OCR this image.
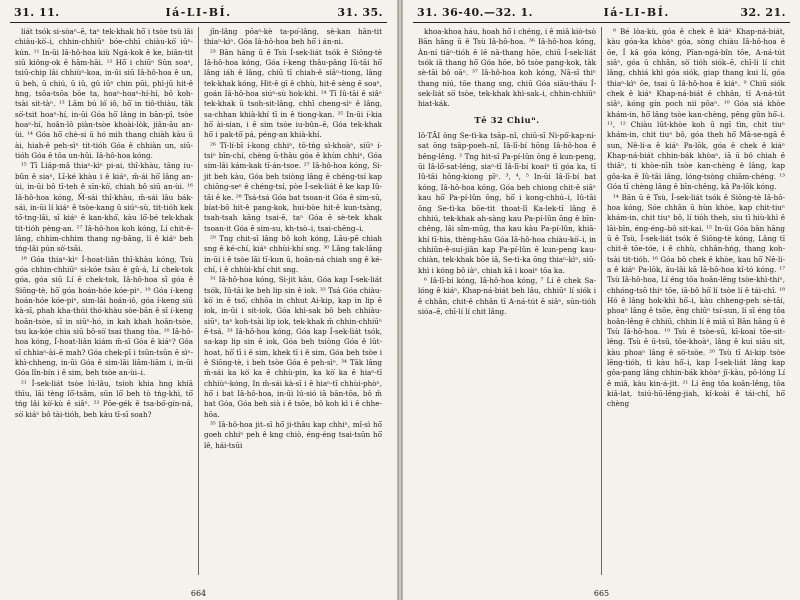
31. 11.	Iá-LI-BÍ.	31. 35.

liát tsók si-sòaⁿ–ē, taⁿ tek-khak hō͘ i tsòe tsù lâi chiàu-kò͘–i, chhin-chhiūⁿ bóe-chhī chiàu-kò͘ iūⁿ-kún. ¹¹ In-ūi Iâ-hô-hoa kiù Ngá-kok ê ke, biān-tit siū kiông-ok ê hām-hāi. ¹² Hō͘ i chiūⁿ Sûn soaⁿ, tsiū-chip lâi chhiùⁿ-koa, in-ūi siū Iâ-hô-hoa ê un, ū beh, ū chiú, ū iû, gû iūⁿ chin pūi, phì-jū hit-ê hng, tsōa-tsōa bōe ta, hoaⁿ-hoaⁿ-hí-hí, bô koh-tsài sit-tàⁿ. ¹³ Lâm bú ló͘ iô, hō͘ in tiô-thiàu, tāk sò͘-tsit hoaⁿ-hí, in-ūi Góa hō͘ lâng in bān-pî, tsòe hoaⁿ-hí, hoân-lô piàn-tsòe khoài-lòk, jiân-āu an-ùi. ¹⁴ Góa hō͘ chè-si ū hó mih thang chiàh kàu ū ài, hiah-ê peh-sìⁿ tit-tióh Góa ê chhiàn un, siū-tióh Góa ê tōa un-hūi. Iâ-hô-hoa kóng.

¹⁵ Tī Liâp-mâ thiaⁿ-kìⁿ pi-ai, thî-khàu, tāng iu-bûn ê siaⁿ, Lī-ké khàu i ê kiáⁿ, m̄-ái hō͘ lâng an-ùi, in-ūi bô tī-teh ê sīn-kò͘, chiah bô siū an-ùi. ¹⁶ Iâ-hô-hoa kóng, M̄-sái thî-khàu, m̄-sái lâu bák-sái, in-ūi lí kiáⁿ ê tsòe-kang ū siúⁿ-sù, tit-tióh kek tō͘-tng-lâi, sī kiáⁿ ē kan-khó͘, kàu lō͘-bé tek-khak tit-tióh pèng-an. ¹⁷ Iâ-hô-hoa koh kóng, Lí chit-ê-lâng, chhim-chhim thang ng-bāng, lí ê kiáⁿ beh tńg-lâi pún sò͘-tsāi.

¹⁸ Góa thiaⁿ-kìⁿ Í-hoat-liân thî-khàu kóng, Tsù góa chhin-chhiūⁿ si-kóe tsàu ê gû-á, Lí chek-tok góa, góa siū Lí ê chek-tok, Iâ-hô-hoa sī góa ê Siōng-tè, hō͘ góa hoán-hóe kóe-piⁿ. ¹⁹ Góa í-keng hoán-hóe kóe-piⁿ, sim-lāi hoán-iô, góa í-keng siū kà-sī, phah kha-thúi thó-khàu sòe-bān ê sī í-keng hoân-tsòe, sī in siūⁿ-hó, in kah khah hoân-tsòe, tsu ka-kóe chia siū bô-sò͘ tsai thang tòa. ²⁰ Iâ-hô-hoa kóng, Í-hoat-liân kiám m̄-sī Góa ê kiáⁿ? Góa sī chhiaⁿ-ài–ē mah? Góa chek-pī i tsūn-tsūn ē sìⁿ-khì-chheng, in-ūi Góa ê sim-lāi liām-liām i, in-ūi Góa lîn-bín i ê sim, beh tsòe an-ùi–i.

²¹ Í-sek-liát tsòe lú-lâu, tsioh khia hng khiā thīu, lāi tèng lō͘-tsâm, sūn lō͘ beh tò tńg-khì, tō͘ tńg lâi kò͘-kù ê siâⁿ. ²² Pōe-gék ê tsa-bó͘-gín-ná, sò͘ kiáⁿ bô tài-tióh, beh kàu tī-sī soah?

jîn-lâng pōaⁿ-kè ta-po͘-lâng, sè-kan hān-tit thiaⁿ-kìⁿ. Góa Iâ-hô-hoa beh hō͘ i án-ni.

²³ Bān hāng ū ê Tsù Í-sek-liát tsók ê Siōng-tè Iâ-hô-hoa kóng, Góa í-keng thâu-pâng Iû-tāi hō͘ lâng iáh ê lâng, chiū tī chiah-ê siâⁿ-tiong, lâng tek-khak kóng, Hit-ê gī ê chhù, hit-ê sèng ê soaⁿ, goán Iâ-hô-hoa siúⁿ-sù hok-khì. ²⁴ Tī Iû-tāi ê siâⁿ tek-khak ū tsoh-sit-lâng, chhī cheng-sìⁿ ê lâng, sa-chhan khià-khí tī in ê tiong-kan. ²⁵ In-ūi í-kia hō͘ ài-sian, i ê sim tsòe iu-bûn–ē, Góa tek-khak hō͘ i pak-tō͘ pá, péng-an khià-khí.

²⁶ Tī-lí-bī í-kong chhiⁿ, tō-tńg sì-khoàⁿ, siūⁿ í-tsiⁿ bīn-chí, chèng ū-thâu góa ê khùn chhiⁿ, Góa sim-lāi kám-kak tī-án-tsoe. ²⁷ Iâ-hô-hoa kóng, Si-jit beh kàu, Góa beh tsiòng lâng ê chéng-tsí kap chiōng-seⁿ ê chéng-tsí, pòe Í-sek-liát ê ke kap Iû-tāi ê ke. ²⁸ Tsá-tsá Góa bat tsoan-it Góa ê sim-sū, bíat-bô hit-ê pang-kok, hui-bòe hit-ê kun-tsàng, tsah-tsah kāng tsai-ē, taⁿ Góa ē sè-tek khak tsoan-it Góa ê sim-su, kh-tsò–i, tsai-chēng–i.

²⁹ Tng chit-sī lâng bô koh kóng, Lāu-pē chiah sng ê ké-chí, kiáⁿ chhùi-khí sng. ³⁰ Lâng tak-lâng in-ūi i ê tsòe lāi tī-kun ū, hoân-ná chiah sng ê ké-chí, i ê chhùi-khí chit sng.

³¹ Iâ-hô-hoa kóng, Si-jit kàu, Góa kap Í-sek-liát tsók, Iû-tāi ke beh lip sin ê iok. ³² Tsá Góa chiàu-kò͘ in ê tsó͘, chhōa in chhut Ai-kip, kap in lip ê iok, in-ūi i sit-iok, Góa khì-sak bô beh chhiàu-siūⁿ, taⁿ koh-tsài lip iok, tek-khak m̄ chhin-chhiūⁿ ē-tsá. ³³ Iâ-hô-hoa kóng, Góa kap Í-sek-liát tsók, sa-kap lip sin ê iok, Góa beh tsiòng Góa ê lūt-hoat, hō͘ tī i ê sim, khek tī i ê sim, Góa beh tsòe i ê Siōng-tè, i beh tsòe Góa ê peh-sìⁿ. ³⁴ Tāk lâng m̄-sái ka kò͘ ka ê chhù-pin, ka kò͘ ka ê hiaⁿ-tī chhiùⁿ-kóng, In m̄-sái kà-sī i ê hiaⁿ-tī chhùi-phòⁿ, hō͘ i bat Iâ-hô-hoa, in-ūi lú-sió iā bān-tōa, bô m̄ bat Góa, Góa beh sià i ê tsōe, bô koh kì i ê chhe-hōa.

³⁵ Iâ-hô-hoa jit–sī hō͘ ji-thâu kap chhiⁿ, mî-sì hō͘ goeh chhiⁿ peh ê kng chiò, éng-éng tsai-tsūn hō͘ lê, hái-tsūi

664
31. 36-40.—32. 1.	Iá-LI-BÍ.	32. 21.

khoa-khoa háu, hoah hō͘ i chéng, i ê miâ kiò-tsò Bān hāng ū ê Tsù Iâ-hô-hoa. ³⁶ Iâ-hô-hoa kóng, Àn-ní tiāⁿ-tióh ê lē nā-thang hōe, chiū Í-sek-liát tsók iā thang hō͘ Góa hōe, bô tsòe pang-kok, tàk sè-tāi bô oāⁿ. ³⁷ Iâ-hô-hoa koh kóng, Nā-sī thiⁿ thang niú, tōe thang sng, chiū Góa siāu-tháu Í-sek-liát sò͘ tsòe, tek-khak khì-sak–i, chhin-chhiūⁿ hiat-kák.

Tē 32 Chiuⁿ.

Iô-TĀI ōng Se-tì-ka tsāp–nî, chiū-sī Ni-pô͘-kap-ní-sat ōng tsāp-poeh–nî, Iâ-lī-bí hōng Iâ-hô-hoa ê bêng-lēng. ² Tng hit-sî Pa-pí-lûn ōng ê kun-peng, ūi Iâ-lō͘-sat-léng, siaⁿ-tī Iâ-lī-bí koaiⁿ tī góa ka, tī Iû-tāi hōng-kiong pīⁿ. ³, ⁴, ⁵ In-ūi Iâ-lī-bí bat kóng, Iâ-hô-hoa kóng, Góa beh chiong chit-ê siâⁿ kau hō͘ Pa-pí-lûn ōng, hō͘ i kong-chhú–i, Iû-tāi ōng Se-tì-ka bōe-tit thoat-lī Ka-lek-tī lâng ê chhiú, tek-khak ah-sàng kau Pa-pí-lûn ōng ê bīn-chêng, lâi sîm-mūg, tha kau kàu Pa-pí-lûn, khiā-khí tī-hia, thèng-hāu Góa Iâ-hô-hoa chiàu-kò͘–i, in chhiûn-ê-suí-jiân kap Pa-pí-lûn ê kun-peng kau-chiàn, tek-khak bōe iâ, Se-tì-ka ōng thiaⁿ-kìⁿ, siū-khì i kóng bô iàⁿ, chiah kā i koaiⁿ tōa ka.

⁶ Iâ-lī-bí kóng, Iâ-hô-hoa kóng, ⁷ Lí ê chek Sa-lóng ê kiáⁿ, Khap-ná-biát beh lâu, chhiūⁿ lí siók i ê chhân, chit-ê chhân tī A-ná-tút ê siâⁿ, sūn-tióh sióa–ē, chī-lí lí chit lâng.

⁸ Bé lòa-kù, góa ê chek ê kiáⁿ Khap-ná-biát, kàu góa-ka khòaⁿ góa, sòng chiàu Iâ-hô-hoa ê ōe, Í kā góa kóng, Pîan-ngá-bîn tōe, A-ná-tút siâⁿ, góa ū chhân, sò͘ tióh siók–ē, chī-lí lí chit lâng, chhiá khì góa siók, giap thang kui lí, góa thiaⁿ-kìⁿ ōe, tsai ū Iâ-hô-hoa ê kiáⁿ. ⁹ Chiū siók chek ê kiáⁿ Khap-ná-biát ê chhân, tī A-ná-tút siâⁿ, kóng gín poch nii pōaⁿ. ¹⁰ Góa siá khòe khám-in, hō͘ lâng tsòe kan-chèng, pêng gûn hō͘–i. ¹¹, ¹² Chiàu lūt-khòe koh ū ngī tìn, chit tiuⁿ khám-in, chit tiuⁿ bô, góa theh hō͘ Mā-se-ngā ê sun, Nê-lí-a ê kiáⁿ Pa-lōk, góa ê chek ê kiáⁿ Khap-ná-biát chhin-bák khòaⁿ, iā ū bô chiah ê thiāⁿ, ti khòe-nīh tsòe kan-chèng ê lâng, kap gôa-ka ê Iû-tāi lâng, lóng-tsòng chiām-chéng. ¹³ Góa tī chèng lâng ê bīn-chêng, kā Pa-lōk kóng.

¹⁴ Bān ū ê Tsù, Í-sek-liát tsók ê Siōng-tè Iâ-hô-hoa kóng, Sóe chhān ū hùn khòe, kap chit-tiuⁿ khám-in, chit tiuⁿ bô, lí tióh theh, siu tī hiù-khì ê lāi-bīn, éng-éng–bô sit-kai. ¹⁵ In-ūi Góa bān hāng ū ê Tsù, Í-sek-liát tsók ê Siōng-tè kóng, Lâng tī chit-ê tōe-tóe, i ê chhù, chhân-hńg, thang koh-tsài tit-tióh. ¹⁶ Góa bô chek ê khòe, kau hō͘ Nê-lí-a ê kiáⁿ Pa-lōk, āu-lâi kā Iâ-hô-hoa kî-tó kóng. ¹⁷ Tsù Iâ-hô-hoa, Lí éng tōa hoân-lêng tsòe-khì-thiⁿ, chhóng-tsō thiⁿ tōe, iā-bô hō͘ lí tsòe lí ê tái-chî. ¹⁸ Hó ê lâng hok-khì hō͘–i, kàu chheng-peh sè-tāi, phoaⁿ lâng ê tsōe, ēng chiūⁿ tsí-sun, lí sī éng tōa hoân-lêng ê chhiū, chhin lí ê miâ sī Bān hāng ū ê Tsù Iâ-hô-hoa. ¹⁹ Tsù ê tsòe-sū, kī-koai tōe-sit-lêng. Tsù ê ū-tsū, tōe-khoàⁿ, lâng ê kui siāu sit, kàu phoaⁿ lâng ê sò͘-tsòe. ²⁰ Tsù tī Ai-kip tsòe lēng-tióh, tì kàu hô͘–i, kap Í-sek-liát lâng kap gôa-pang lâng chhin-bák khòaⁿ jī-kàu, pô-lóng Lí ê miâ, kàu kin-á-jit. ²¹ Lí ēng tōa koân-lêng, tōa kiâ-lat, tsiú-hū-lēng-jiah, kî-koài ê tái-chî, hō͘ chèng

665
